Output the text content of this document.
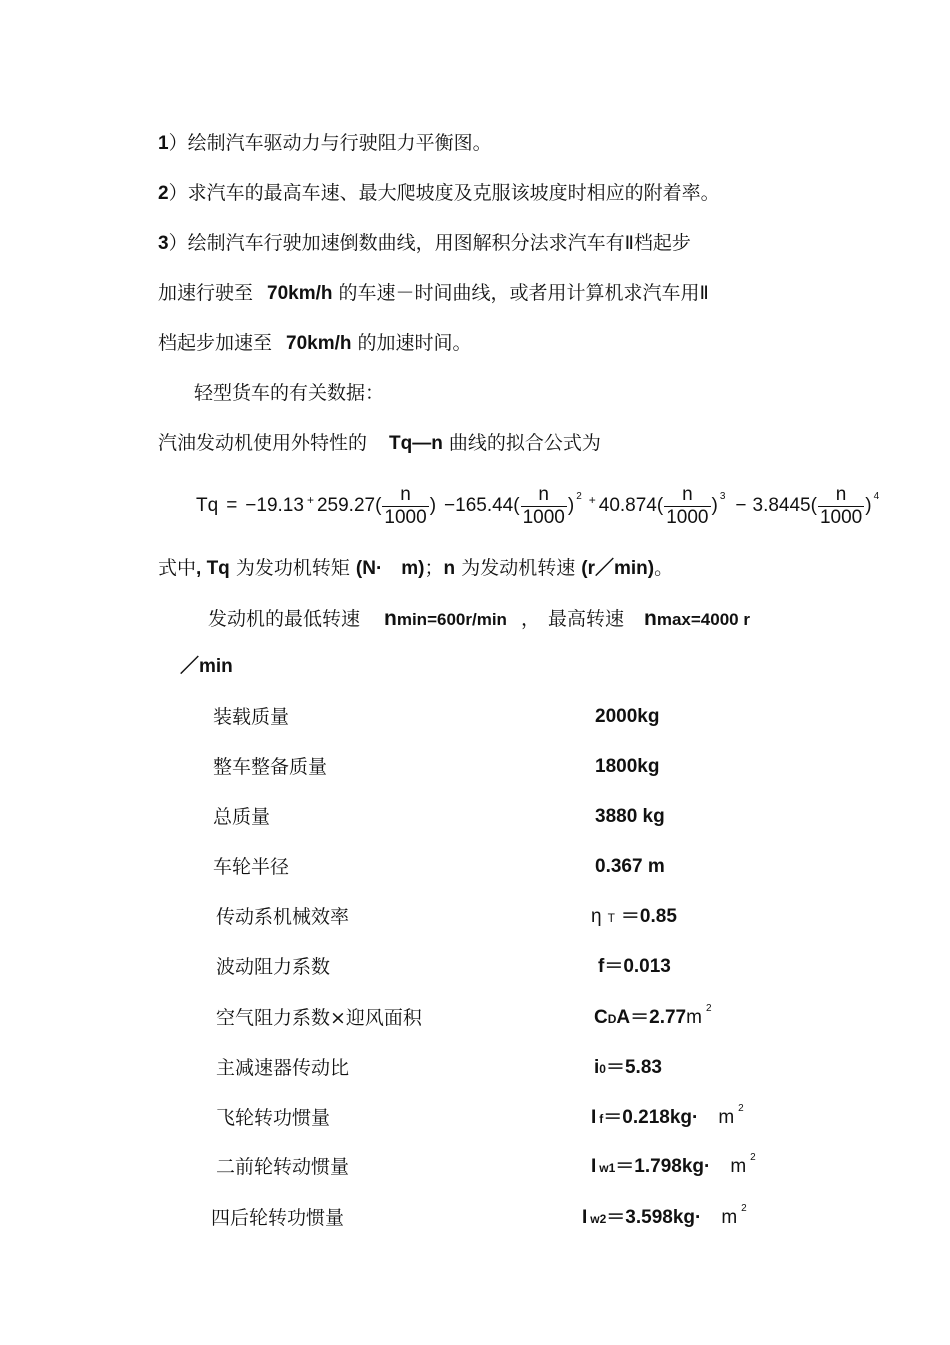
1）绘制汽车驱动力与行驶阻力平衡图。
2）求汽车的最高车速、最大爬坡度及克服该坡度时相应的附着率。
3）绘制汽车行驶加速倒数曲线，用图解积分法求汽车有Ⅱ档起步
加速行驶至 70km/h 的车速－时间曲线，或者用计算机求汽车用Ⅱ
档起步加速至 70km/h 的加速时间。
轻型货车的有关数据：
汽油发动机使用外特性的 Tq—n 曲线的拟合公式为
$Tq = -19.13 + 259.27( \frac{n}{1000}$ ) $-165.44( \frac{n}{1000}$ ) $2 + 40.874( \frac{n}{1000}$ ) $3 - 3.8445( \frac{n}{1000}$ ) 4
式中, Tq 为发功机转矩 (N·　m)；n 为发动机转速 (r／min)。
发动机的最低转速 nmin=600r/min ， 最高转速 nmax=4000 r
／min
装载质量	2000kg
整车整备质量	1800kg
总质量	3880 kg
车轮半径	0.367 m
传动系机械效率	η T ＝0.85
波动阻力系数	f＝0.013
空气阻力系数×迎风面积	CDA＝2.77m $^2$
主减速器传动比	i0＝5.83
飞轮转功惯量	If＝0.218kg· m $^2$
二前轮转动惯量	Iw1＝1.798kg· m $^2$
四后轮转功惯量	Iw2＝3.598kg· m $^2$
